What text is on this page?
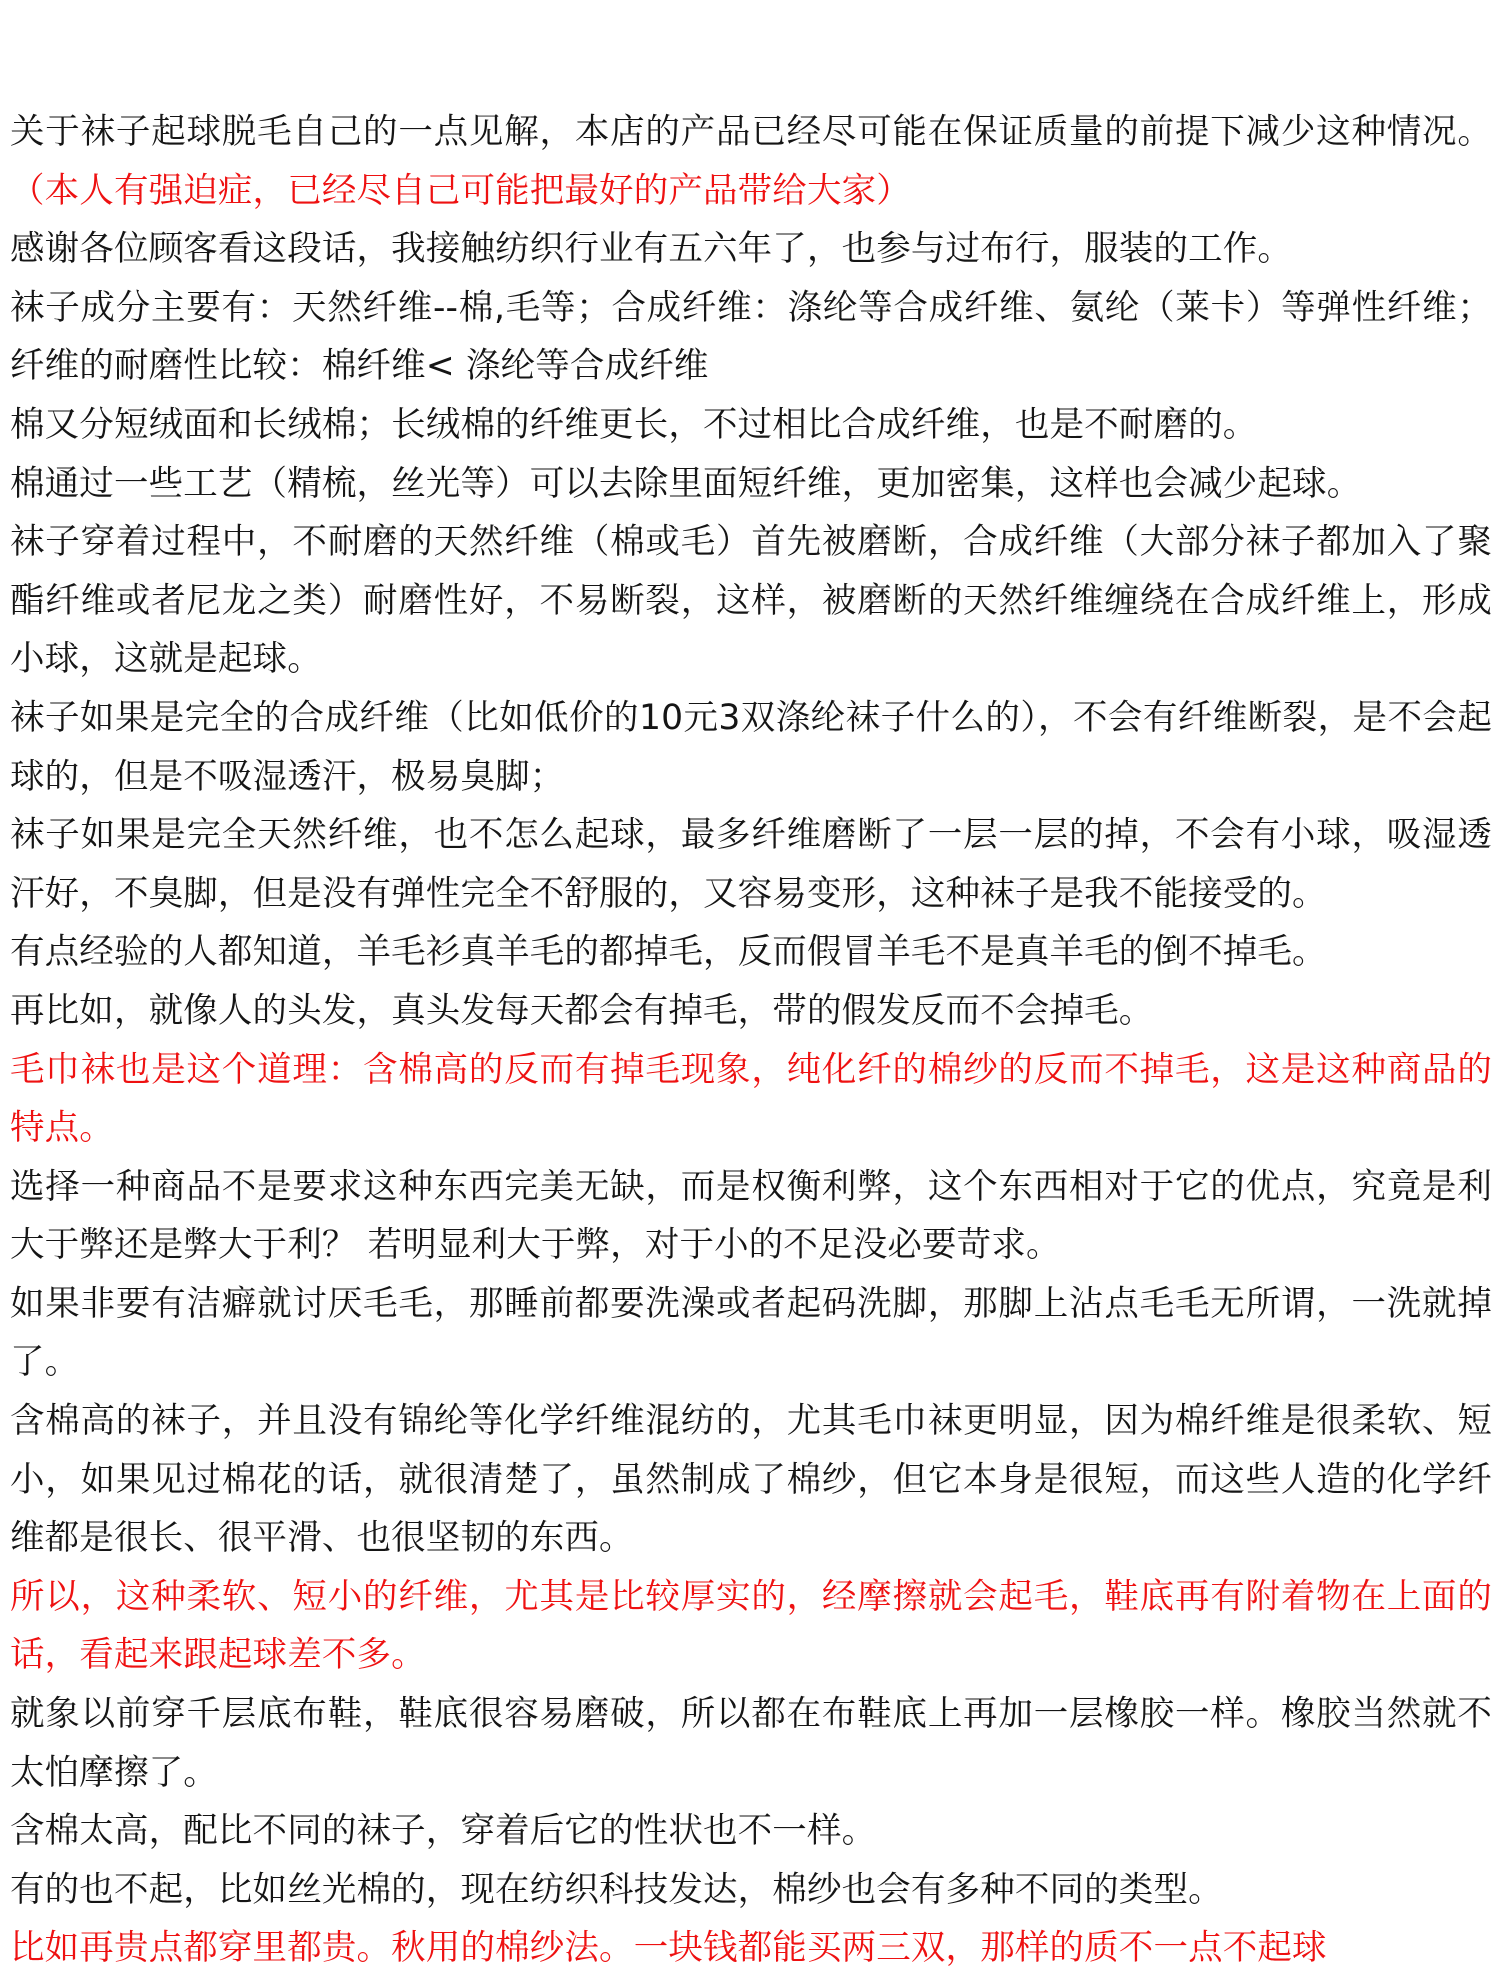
关于袜子起球脱毛自己的一点见解，本店的产品已经尽可能在保证质量的前提下减少这种情况。（本人有强迫症，已经尽自己可能把最好的产品带给大家）

感谢各位顾客看这段话，我接触纺织行业有五六年了，也参与过布行，服装的工作。

袜子成分主要有：天然纤维--棉,毛等；合成纤维：涤纶等合成纤维、氨纶（莱卡）等弹性纤维；纤维的耐磨性比较：棉纤维< 涤纶等合成纤维

棉又分短绒面和长绒棉；长绒棉的纤维更长，不过相比合成纤维，也是不耐磨的。

棉通过一些工艺（精梳，丝光等）可以去除里面短纤维，更加密集，这样也会减少起球。

袜子穿着过程中，不耐磨的天然纤维（棉或毛）首先被磨断，合成纤维（大部分袜子都加入了聚酯纤维或者尼龙之类）耐磨性好，不易断裂，这样，被磨断的天然纤维缠绕在合成纤维上，形成小球，这就是起球。

袜子如果是完全的合成纤维（比如低价的10元3双涤纶袜子什么的），不会有纤维断裂，是不会起球的，但是不吸湿透汗，极易臭脚；

袜子如果是完全天然纤维，也不怎么起球，最多纤维磨断了一层一层的掉，不会有小球，吸湿透汗好，不臭脚，但是没有弹性完全不舒服的，又容易变形，这种袜子是我不能接受的。

有点经验的人都知道，羊毛衫真羊毛的都掉毛，反而假冒羊毛不是真羊毛的倒不掉毛。

再比如，就像人的头发，真头发每天都会有掉毛，带的假发反而不会掉毛。

毛巾袜也是这个道理：含棉高的反而有掉毛现象，纯化纤的棉纱的反而不掉毛，这是这种商品的特点。

选择一种商品不是要求这种东西完美无缺，而是权衡利弊，这个东西相对于它的优点，究竟是利大于弊还是弊大于利？ 若明显利大于弊，对于小的不足没必要苛求。

如果非要有洁癖就讨厌毛毛，那睡前都要洗澡或者起码洗脚，那脚上沾点毛毛无所谓，一洗就掉了。

含棉高的袜子，并且没有锦纶等化学纤维混纺的，尤其毛巾袜更明显，因为棉纤维是很柔软、短小，如果见过棉花的话，就很清楚了，虽然制成了棉纱，但它本身是很短，而这些人造的化学纤维都是很长、很平滑、也很坚韧的东西。

所以，这种柔软、短小的纤维，尤其是比较厚实的，经摩擦就会起毛，鞋底再有附着物在上面的话，看起来跟起球差不多。

就象以前穿千层底布鞋，鞋底很容易磨破，所以都在布鞋底上再加一层橡胶一样。橡胶当然就不太怕摩擦了。

含棉太高，配比不同的袜子，穿着后它的性状也不一样。

有的也不起，比如丝光棉的，现在纺织科技发达，棉纱也会有多种不同的类型。

比如再贵点都穿里都贵。秋用的棉纱法。一块钱都能买两三双，那样的质不一点不起球
